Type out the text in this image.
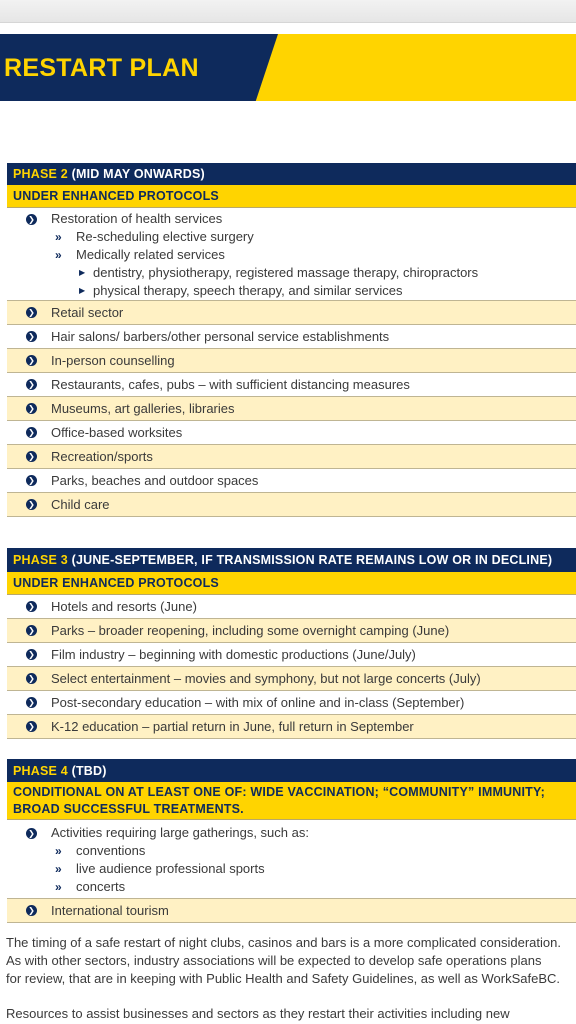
RESTART PLAN
PHASE 2 (MID MAY ONWARDS)
UNDER ENHANCED PROTOCOLS
❯ Restoration of health services
» Re-scheduling elective surgery
» Medically related services
▶ dentistry, physiotherapy, registered massage therapy, chiropractors
▶ physical therapy, speech therapy, and similar services
❯ Retail sector
❯ Hair salons/ barbers/other personal service establishments
❯ In-person counselling
❯ Restaurants, cafes, pubs – with sufficient distancing measures
❯ Museums, art galleries, libraries
❯ Office-based worksites
❯ Recreation/sports
❯ Parks, beaches and outdoor spaces
❯ Child care
PHASE 3 (JUNE-SEPTEMBER, IF TRANSMISSION RATE REMAINS LOW OR IN DECLINE)
UNDER ENHANCED PROTOCOLS
❯ Hotels and resorts (June)
❯ Parks – broader reopening, including some overnight camping (June)
❯ Film industry – beginning with domestic productions (June/July)
❯ Select entertainment – movies and symphony, but not large concerts (July)
❯ Post-secondary education – with mix of online and in-class (September)
❯ K-12 education – partial return in June, full return in September
PHASE 4 (TBD)
CONDITIONAL ON AT LEAST ONE OF: WIDE VACCINATION; “COMMUNITY” IMMUNITY;
BROAD SUCCESSFUL TREATMENTS.
❯ Activities requiring large gatherings, such as:
» conventions
» live audience professional sports
» concerts
❯ International tourism
The timing of a safe restart of night clubs, casinos and bars is a more complicated consideration.
As with other sectors, industry associations will be expected to develop safe operations plans
for review, that are in keeping with Public Health and Safety Guidelines, as well as WorkSafeBC.
Resources to assist businesses and sectors as they restart their activities including new
